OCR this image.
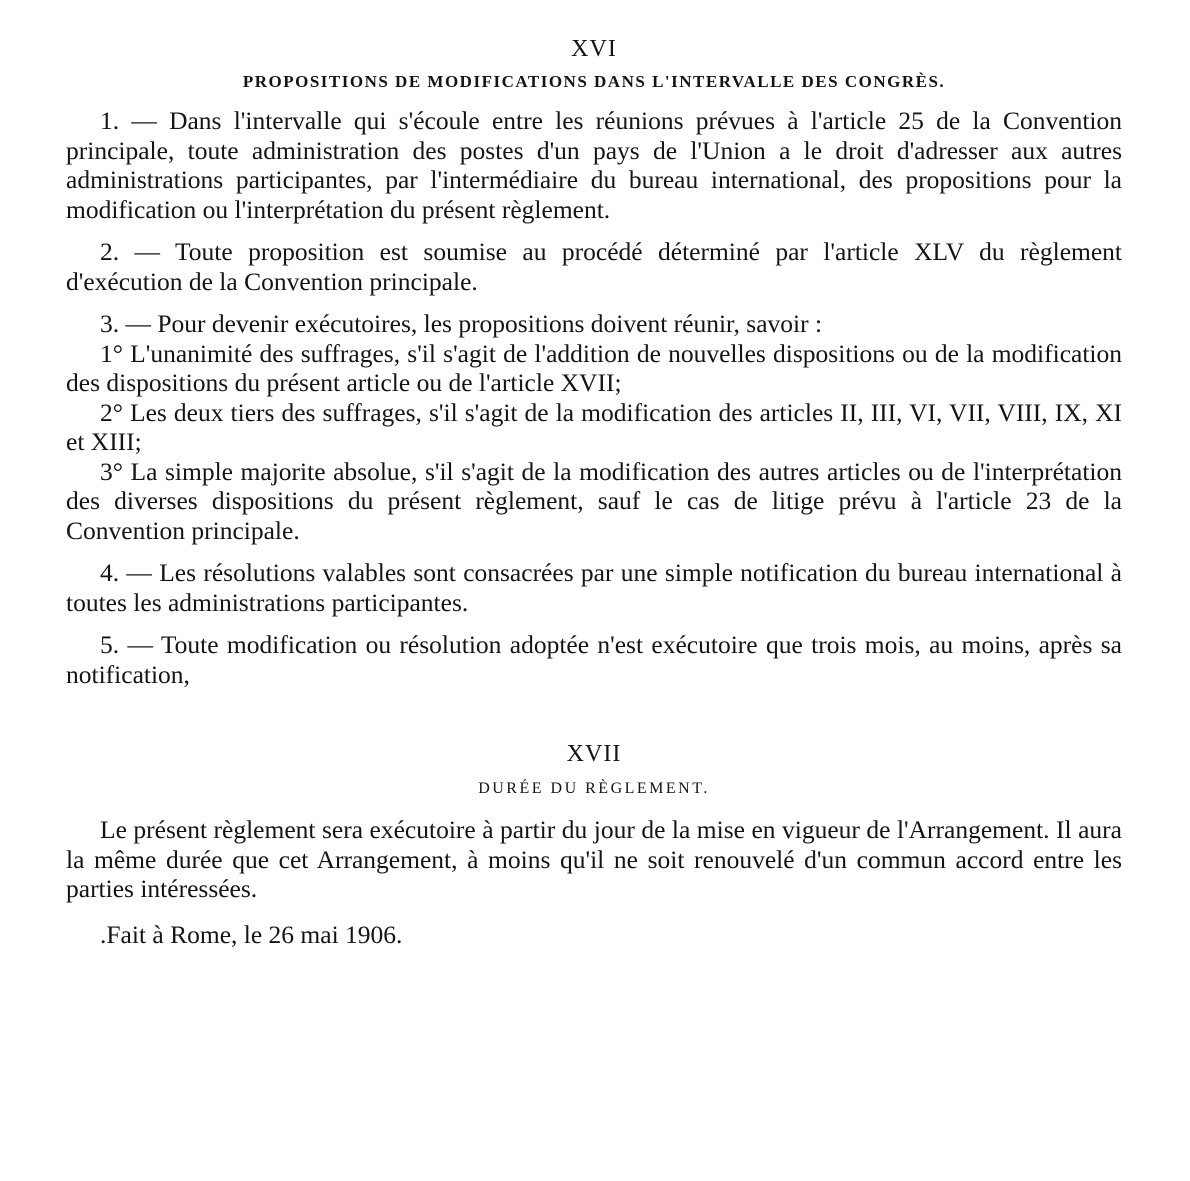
XVI
PROPOSITIONS DE MODIFICATIONS DANS L'INTERVALLE DES CONGRÈS.

1. — Dans l'intervalle qui s'écoule entre les réunions prévues à l'article 25 de la Convention principale, toute administration des postes d'un pays de l'Union a le droit d'adresser aux autres administrations participantes, par l'intermédiaire du bureau international, des propositions pour la modification ou l'interprétation du présent règlement.

2. — Toute proposition est soumise au procédé déterminé par l'article XLV du règlement d'exécution de la Convention principale.

3. — Pour devenir exécutoires, les propositions doivent réunir, savoir :

1° L'unanimité des suffrages, s'il s'agit de l'addition de nouvelles dispositions ou de la modification des dispositions du présent article ou de l'article XVII;

2° Les deux tiers des suffrages, s'il s'agit de la modification des articles II, III, VI, VII, VIII, IX, XI et XIII;

3° La simple majorite absolue, s'il s'agit de la modification des autres articles ou de l'interprétation des diverses dispositions du présent règlement, sauf le cas de litige prévu à l'article 23 de la Convention principale.

4. — Les résolutions valables sont consacrées par une simple notification du bureau international à toutes les administrations participantes.

5. — Toute modification ou résolution adoptée n'est exécutoire que trois mois, au moins, après sa notification,

XVII
DURÉE DU RÈGLEMENT.

Le présent règlement sera exécutoire à partir du jour de la mise en vigueur de l'Arrangement. Il aura la même durée que cet Arrangement, à moins qu'il ne soit renouvelé d'un commun accord entre les parties intéressées.

.Fait à Rome, le 26 mai 1906.
